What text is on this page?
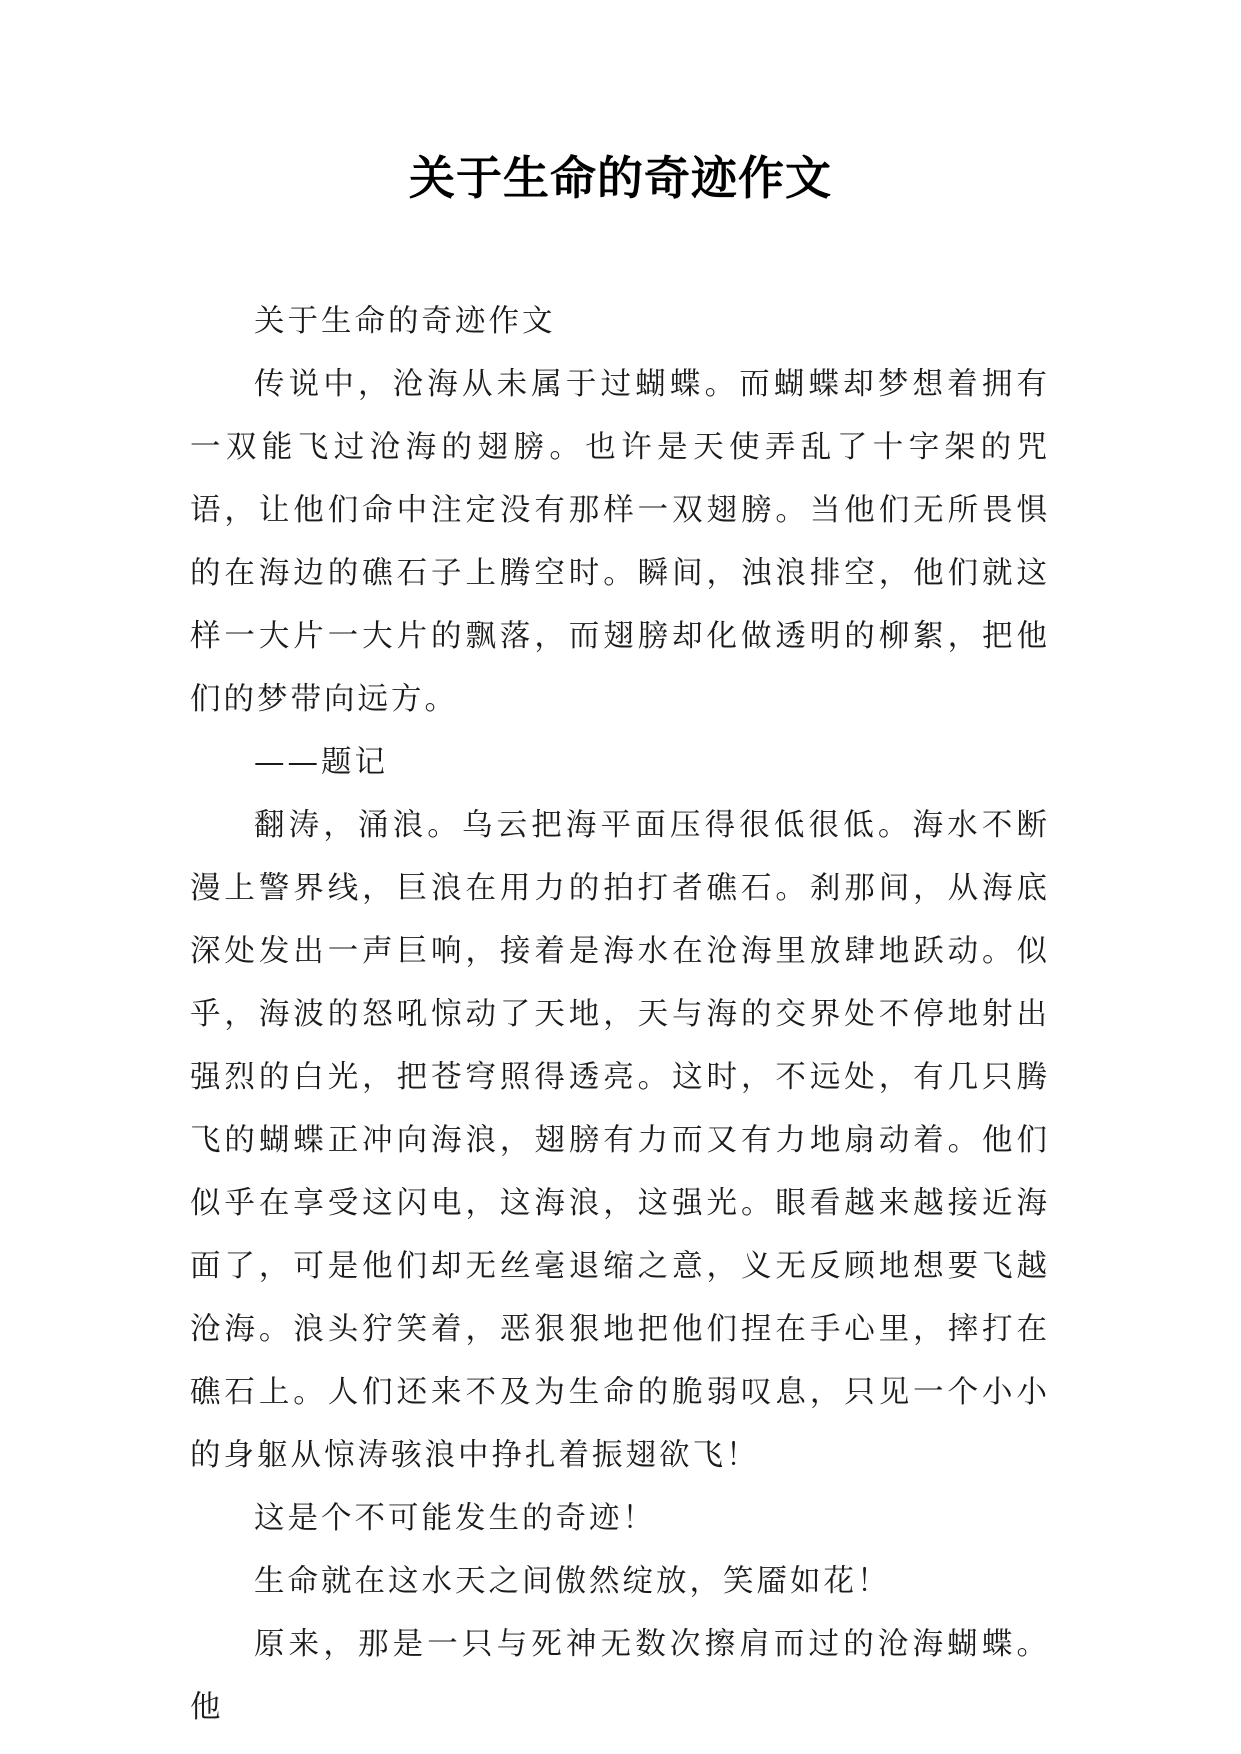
关于生命的奇迹作文

关于生命的奇迹作文

传说中，沧海从未属于过蝴蝶。而蝴蝶却梦想着拥有一双能飞过沧海的翅膀。也许是天使弄乱了十字架的咒语，让他们命中注定没有那样一双翅膀。当他们无所畏惧的在海边的礁石子上腾空时。瞬间，浊浪排空，他们就这样一大片一大片的飘落，而翅膀却化做透明的柳絮，把他们的梦带向远方。

——题记

翻涛，涌浪。乌云把海平面压得很低很低。海水不断漫上警界线，巨浪在用力的拍打者礁石。刹那间，从海底深处发出一声巨响，接着是海水在沧海里放肆地跃动。似乎，海波的怒吼惊动了天地，天与海的交界处不停地射出强烈的白光，把苍穹照得透亮。这时，不远处，有几只腾飞的蝴蝶正冲向海浪，翅膀有力而又有力地扇动着。他们似乎在享受这闪电，这海浪，这强光。眼看越来越接近海面了，可是他们却无丝毫退缩之意，义无反顾地想要飞越沧海。浪头狞笑着，恶狠狠地把他们捏在手心里，摔打在礁石上。人们还来不及为生命的脆弱叹息，只见一个小小的身躯从惊涛骇浪中挣扎着振翅欲飞！

这是个不可能发生的奇迹！

生命就在这水天之间傲然绽放，笑靥如花！

原来，那是一只与死神无数次擦肩而过的沧海蝴蝶。他
